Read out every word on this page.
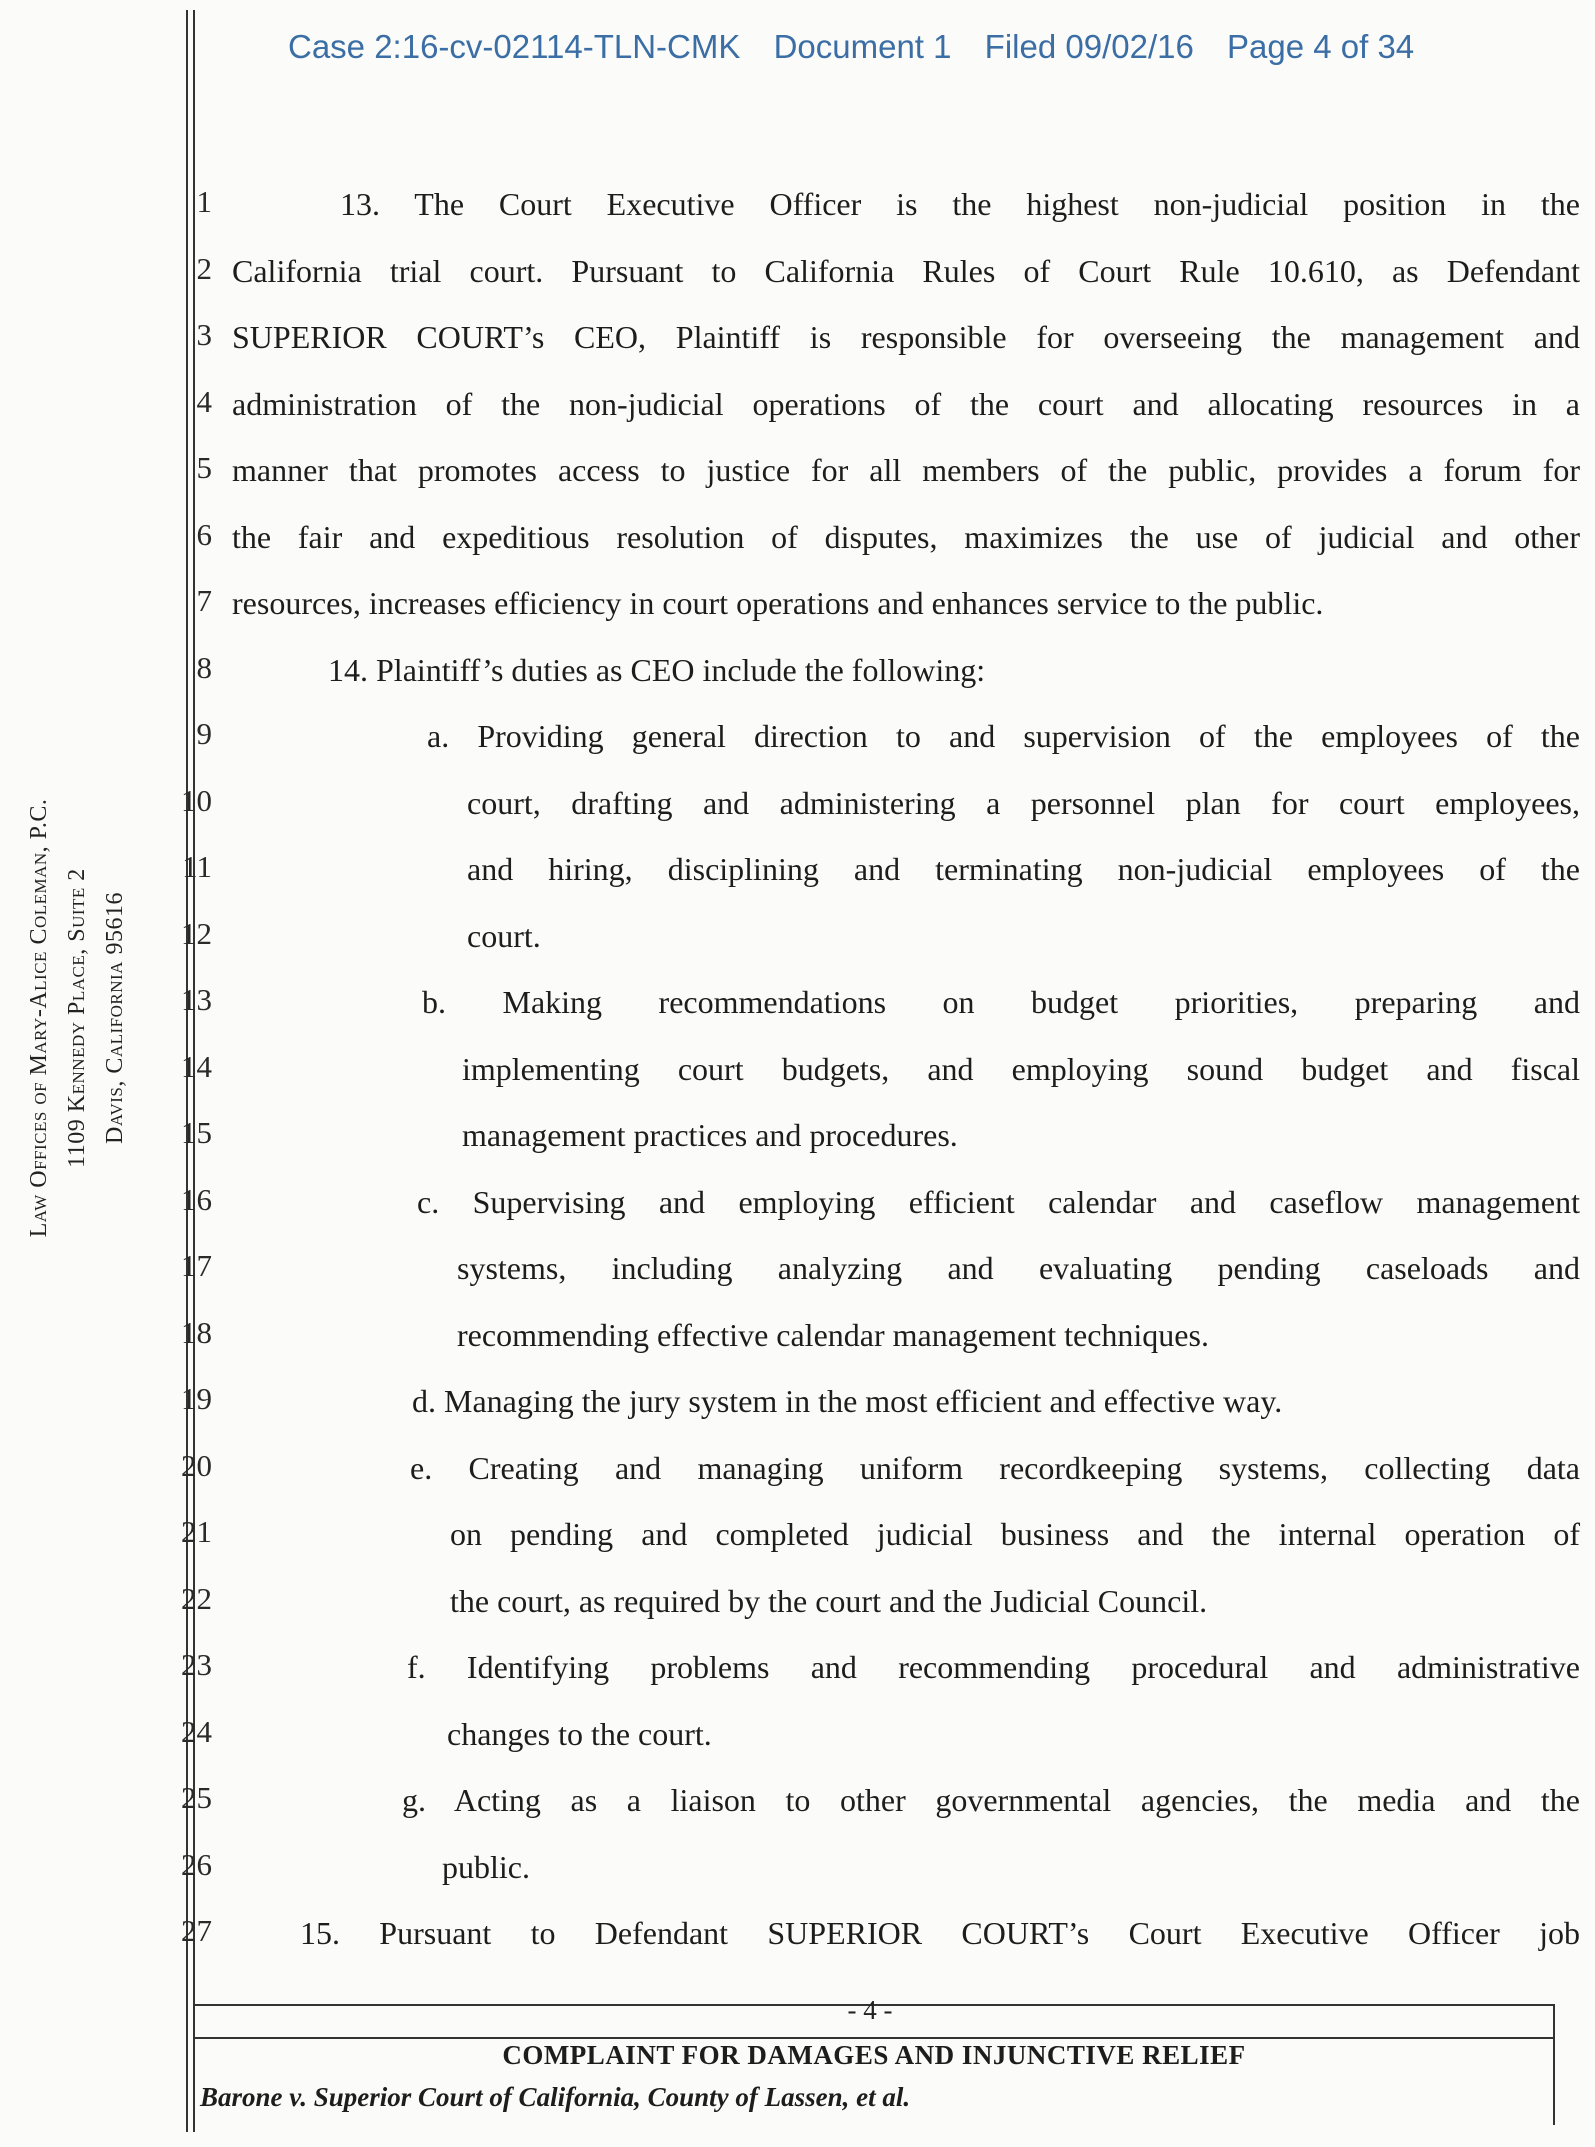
Case 2:16-cv-02114-TLN-CMK Document 1 Filed 09/02/16 Page 4 of 34
Law Offices of Mary-Alice Coleman, P.C. 1109 Kennedy Place, Suite 2 Davis, California 95616
1
2
3
4
5
6
7
8
9
10
11
12
13
14
15
16
17
18
19
20
21
22
23
24
25
26
27
13. The Court Executive Officer is the highest non-judicial position in the
California trial court. Pursuant to California Rules of Court Rule 10.610, as Defendant
SUPERIOR COURT’s CEO, Plaintiff is responsible for overseeing the management and
administration of the non-judicial operations of the court and allocating resources in a
manner that promotes access to justice for all members of the public, provides a forum for
the fair and expeditious resolution of disputes, maximizes the use of judicial and other
resources, increases efficiency in court operations and enhances service to the public.
14. Plaintiff’s duties as CEO include the following:
a. Providing general direction to and supervision of the employees of the
court, drafting and administering a personnel plan for court employees,
and hiring, disciplining and terminating non-judicial employees of the
court.
b. Making recommendations on budget priorities, preparing and
implementing court budgets, and employing sound budget and fiscal
management practices and procedures.
c. Supervising and employing efficient calendar and caseflow management
systems, including analyzing and evaluating pending caseloads and
recommending effective calendar management techniques.
d. Managing the jury system in the most efficient and effective way.
e. Creating and managing uniform recordkeeping systems, collecting data
on pending and completed judicial business and the internal operation of
the court, as required by the court and the Judicial Council.
f. Identifying problems and recommending procedural and administrative
changes to the court.
g. Acting as a liaison to other governmental agencies, the media and the
public.
15. Pursuant to Defendant SUPERIOR COURT’s Court Executive Officer job
- 4 -
COMPLAINT FOR DAMAGES AND INJUNCTIVE RELIEF
Barone v. Superior Court of California, County of Lassen, et al.
